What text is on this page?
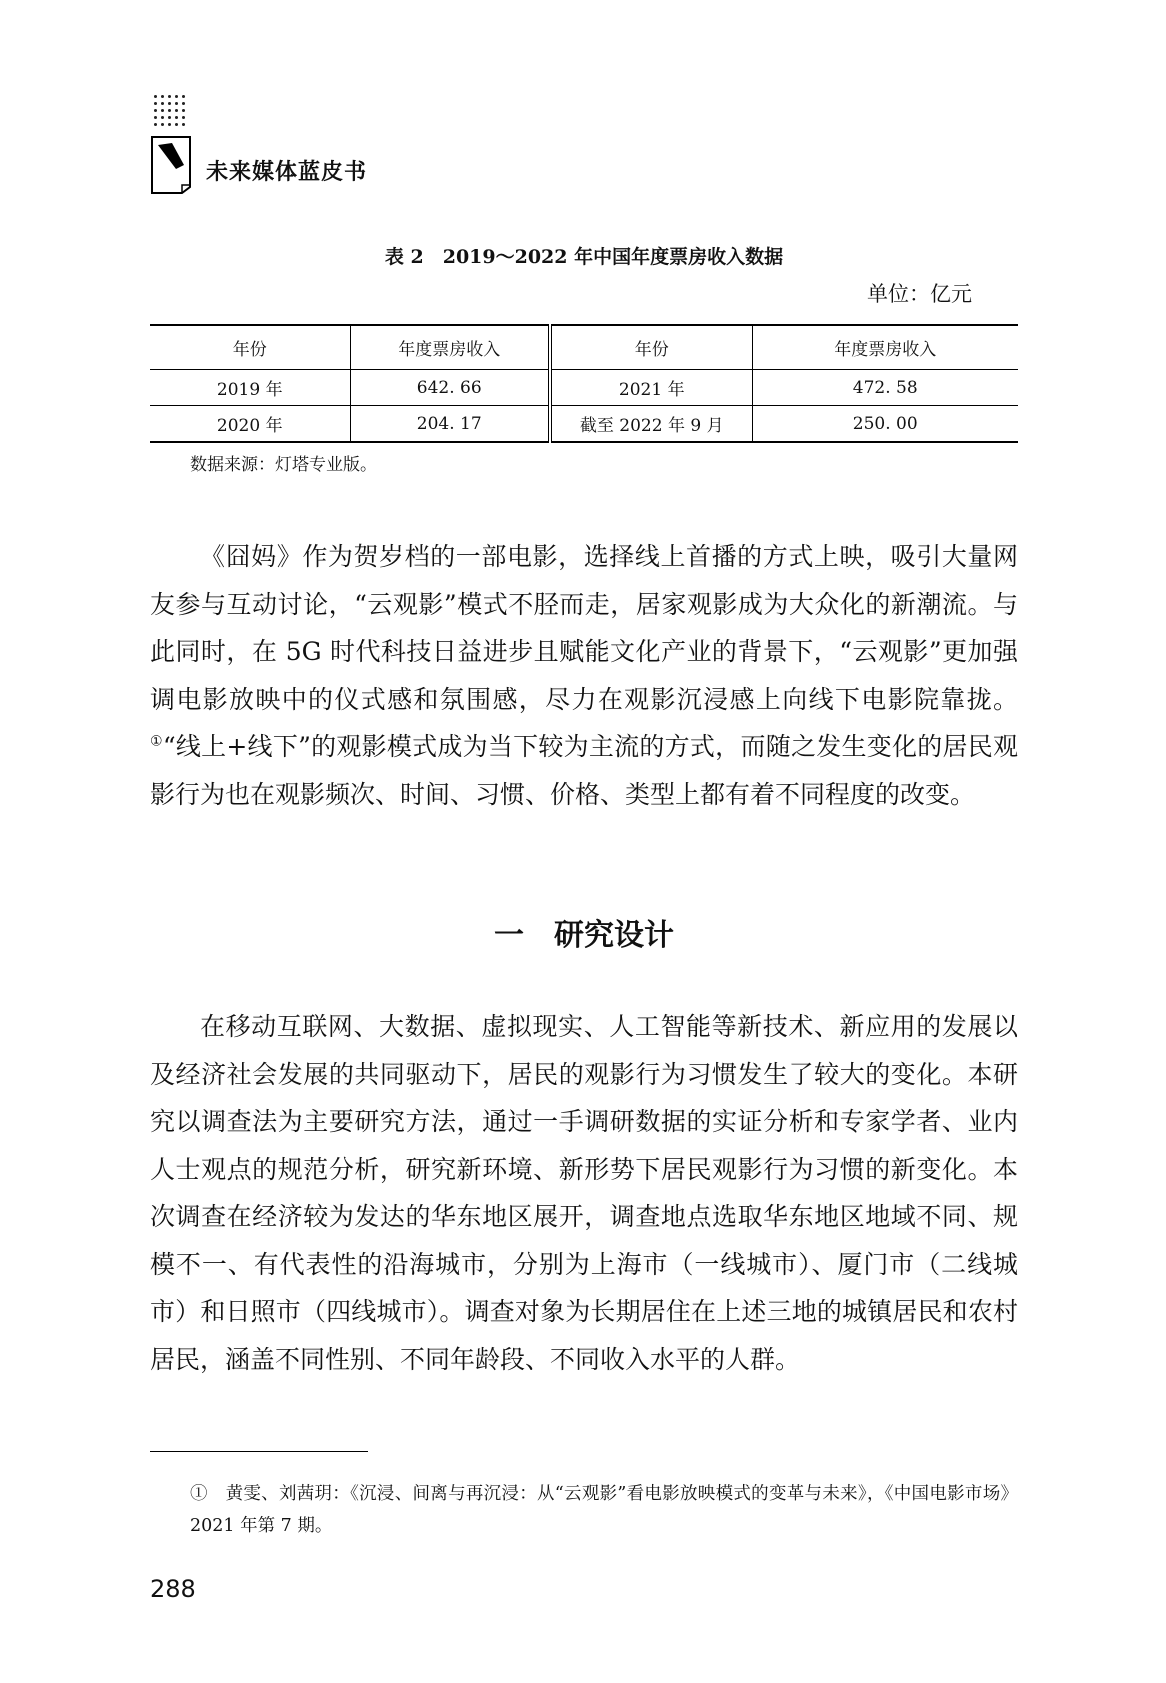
未来媒体蓝皮书
表 2　2019～2022 年中国年度票房收入数据
单位：亿元
年份	年度票房收入	年份	年度票房收入
2019 年	642. 66	2021 年	472. 58
2020 年	204. 17	截至 2022 年 9 月	250. 00
数据来源：灯塔专业版。

《囧妈》作为贺岁档的一部电影，选择线上首播的方式上映，吸引大量网友参与互动讨论，“云观影”模式不胫而走，居家观影成为大众化的新潮流。与此同时，在 5G 时代科技日益进步且赋能文化产业的背景下，“云观影”更加强调电影放映中的仪式感和氛围感，尽力在观影沉浸感上向线下电影院靠拢。①“线上+线下”的观影模式成为当下较为主流的方式，而随之发生变化的居民观影行为也在观影频次、时间、习惯、价格、类型上都有着不同程度的改变。

一　研究设计

在移动互联网、大数据、虚拟现实、人工智能等新技术、新应用的发展以及经济社会发展的共同驱动下，居民的观影行为习惯发生了较大的变化。本研究以调查法为主要研究方法，通过一手调研数据的实证分析和专家学者、业内人士观点的规范分析，研究新环境、新形势下居民观影行为习惯的新变化。本次调查在经济较为发达的华东地区展开，调查地点选取华东地区地域不同、规模不一、有代表性的沿海城市，分别为上海市（一线城市）、厦门市（二线城市）和日照市（四线城市）。调查对象为长期居住在上述三地的城镇居民和农村居民，涵盖不同性别、不同年龄段、不同收入水平的人群。

①　黄雯、刘茜玥：《沉浸、间离与再沉浸：从“云观影”看电影放映模式的变革与未来》，《中国电影市场》2021 年第 7 期。
288
